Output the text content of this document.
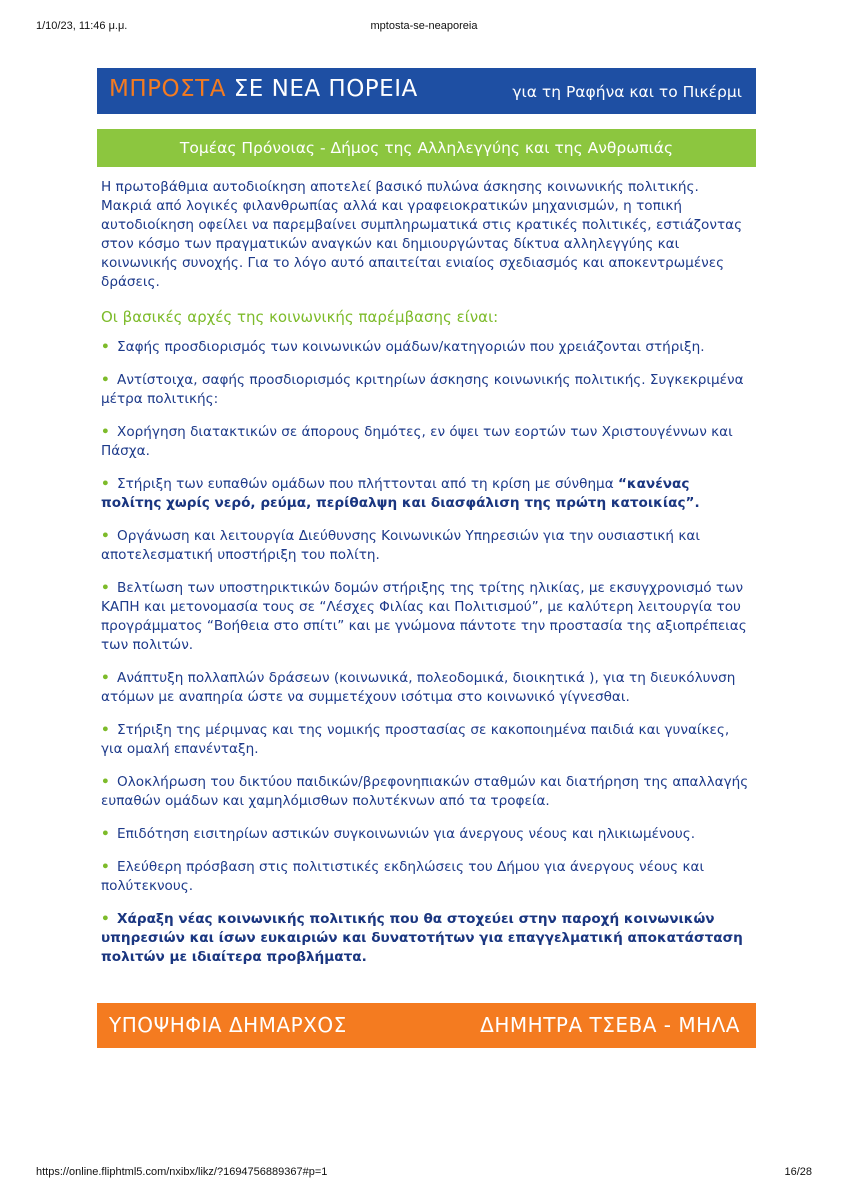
1/10/23, 11:46 μ.μ.	mptosta-se-neaporeia
ΜΠΡΟΣΤΑ ΣΕ ΝΕΑ ΠΟΡΕΙΑ	για τη Ραφήνα και το Πικέρμι
Τομέας Πρόνοιας - Δήμος της Αλληλεγγύης και της Ανθρωπιάς

Η πρωτοβάθμια αυτοδιοίκηση αποτελεί βασικό πυλώνα άσκησης κοινωνικής πολιτικής. Μακριά από λογικές φιλανθρωπίας αλλά και γραφειοκρατικών μηχανισμών, η τοπική αυτοδιοίκηση οφείλει να παρεμβαίνει συμπληρωματικά στις κρατικές πολιτικές, εστιάζοντας στον κόσμο των πραγματικών αναγκών και δημιουργώντας δίκτυα αλληλεγγύης και κοινωνικής συνοχής. Για το λόγο αυτό απαιτείται ενιαίος σχεδιασμός και αποκεντρωμένες δράσεις.

Οι βασικές αρχές της κοινωνικής παρέμβασης είναι:
• Σαφής προσδιορισμός των κοινωνικών ομάδων/κατηγοριών που χρειάζονται στήριξη.
• Αντίστοιχα, σαφής προσδιορισμός κριτηρίων άσκησης κοινωνικής πολιτικής. Συγκεκριμένα μέτρα πολιτικής:
• Χορήγηση διατακτικών σε άπορους δημότες, εν όψει των εορτών των Χριστουγέννων και Πάσχα.
• Στήριξη των ευπαθών ομάδων που πλήττονται από τη κρίση με σύνθημα “κανένας πολίτης χωρίς νερό, ρεύμα, περίθαλψη και διασφάλιση της πρώτη κατοικίας”.
• Οργάνωση και λειτουργία Διεύθυνσης Κοινωνικών Υπηρεσιών για την ουσιαστική και αποτελεσματική υποστήριξη του πολίτη.
• Βελτίωση των υποστηρικτικών δομών στήριξης της τρίτης ηλικίας, με εκσυγχρονισμό των ΚΑΠΗ και μετονομασία τους σε “Λέσχες Φιλίας και Πολιτισμού”, με καλύτερη λειτουργία του προγράμματος “Βοήθεια στο σπίτι” και με γνώμονα πάντοτε την προστασία της αξιοπρέπειας των πολιτών.
• Ανάπτυξη πολλαπλών δράσεων (κοινωνικά, πολεοδομικά, διοικητικά ), για τη διευκόλυνση ατόμων με αναπηρία ώστε να συμμετέχουν ισότιμα στο κοινωνικό γίγνεσθαι.
• Στήριξη της μέριμνας και της νομικής προστασίας σε κακοποιημένα παιδιά και γυναίκες, για ομαλή επανένταξη.
• Ολοκλήρωση του δικτύου παιδικών/βρεφονηπιακών σταθμών και διατήρηση της απαλλαγής ευπαθών ομάδων και χαμηλόμισθων πολυτέκνων από τα τροφεία.
• Επιδότηση εισιτηρίων αστικών συγκοινωνιών για άνεργους νέους και ηλικιωμένους.
• Ελεύθερη πρόσβαση στις πολιτιστικές εκδηλώσεις του Δήμου για άνεργους νέους και πολύτεκνους.
• Χάραξη νέας κοινωνικής πολιτικής που θα στοχεύει στην παροχή κοινωνικών υπηρεσιών και ίσων ευκαιριών και δυνατοτήτων για επαγγελματική αποκατάσταση πολιτών με ιδιαίτερα προβλήματα.
ΥΠΟΨΗΦΙΑ ΔΗΜΑΡΧΟΣ	ΔΗΜΗΤΡΑ ΤΣΕΒΑ - ΜΗΛΑ
https://online.fliphtml5.com/nxibx/likz/?1694756889367#p=1	16/28
